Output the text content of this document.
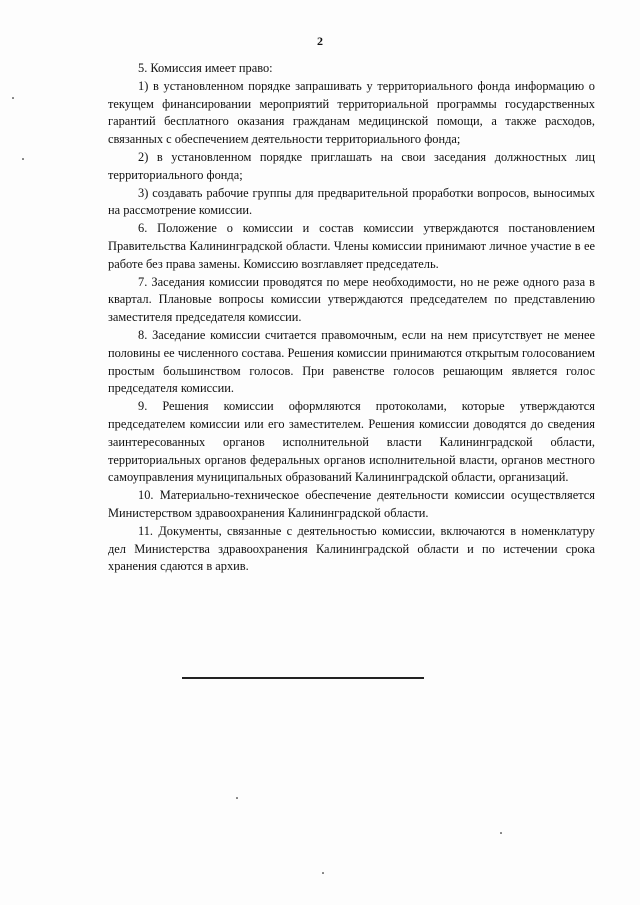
2

5. Комиссия имеет право:

1) в установленном порядке запрашивать у территориального фонда информацию о текущем финансировании мероприятий территориальной программы государственных гарантий бесплатного оказания гражданам медицинской помощи, а также расходов, связанных с обеспечением деятельности территориального фонда;

2) в установленном порядке приглашать на свои заседания должностных лиц территориального фонда;

3) создавать рабочие группы для предварительной проработки вопросов, выносимых на рассмотрение комиссии.

6. Положение о комиссии и состав комиссии утверждаются постановлением Правительства Калининградской области. Члены комиссии принимают личное участие в ее работе без права замены. Комиссию возглавляет председатель.

7. Заседания комиссии проводятся по мере необходимости, но не реже одного раза в квартал. Плановые вопросы комиссии утверждаются председателем по представлению заместителя председателя комиссии.

8. Заседание комиссии считается правомочным, если на нем присутствует не менее половины ее численного состава. Решения комиссии принимаются открытым голосованием простым большинством голосов. При равенстве голосов решающим является голос председателя комиссии.

9. Решения комиссии оформляются протоколами, которые утверждаются председателем комиссии или его заместителем. Решения комиссии доводятся до сведения заинтересованных органов исполнительной власти Калининградской области, территориальных органов федеральных органов исполнительной власти, органов местного самоуправления муниципальных образований Калининградской области, организаций.

10. Материально-техническое обеспечение деятельности комиссии осуществляется Министерством здравоохранения Калининградской области.

11. Документы, связанные с деятельностью комиссии, включаются в номенклатуру дел Министерства здравоохранения Калининградской области и по истечении срока хранения сдаются в архив.
